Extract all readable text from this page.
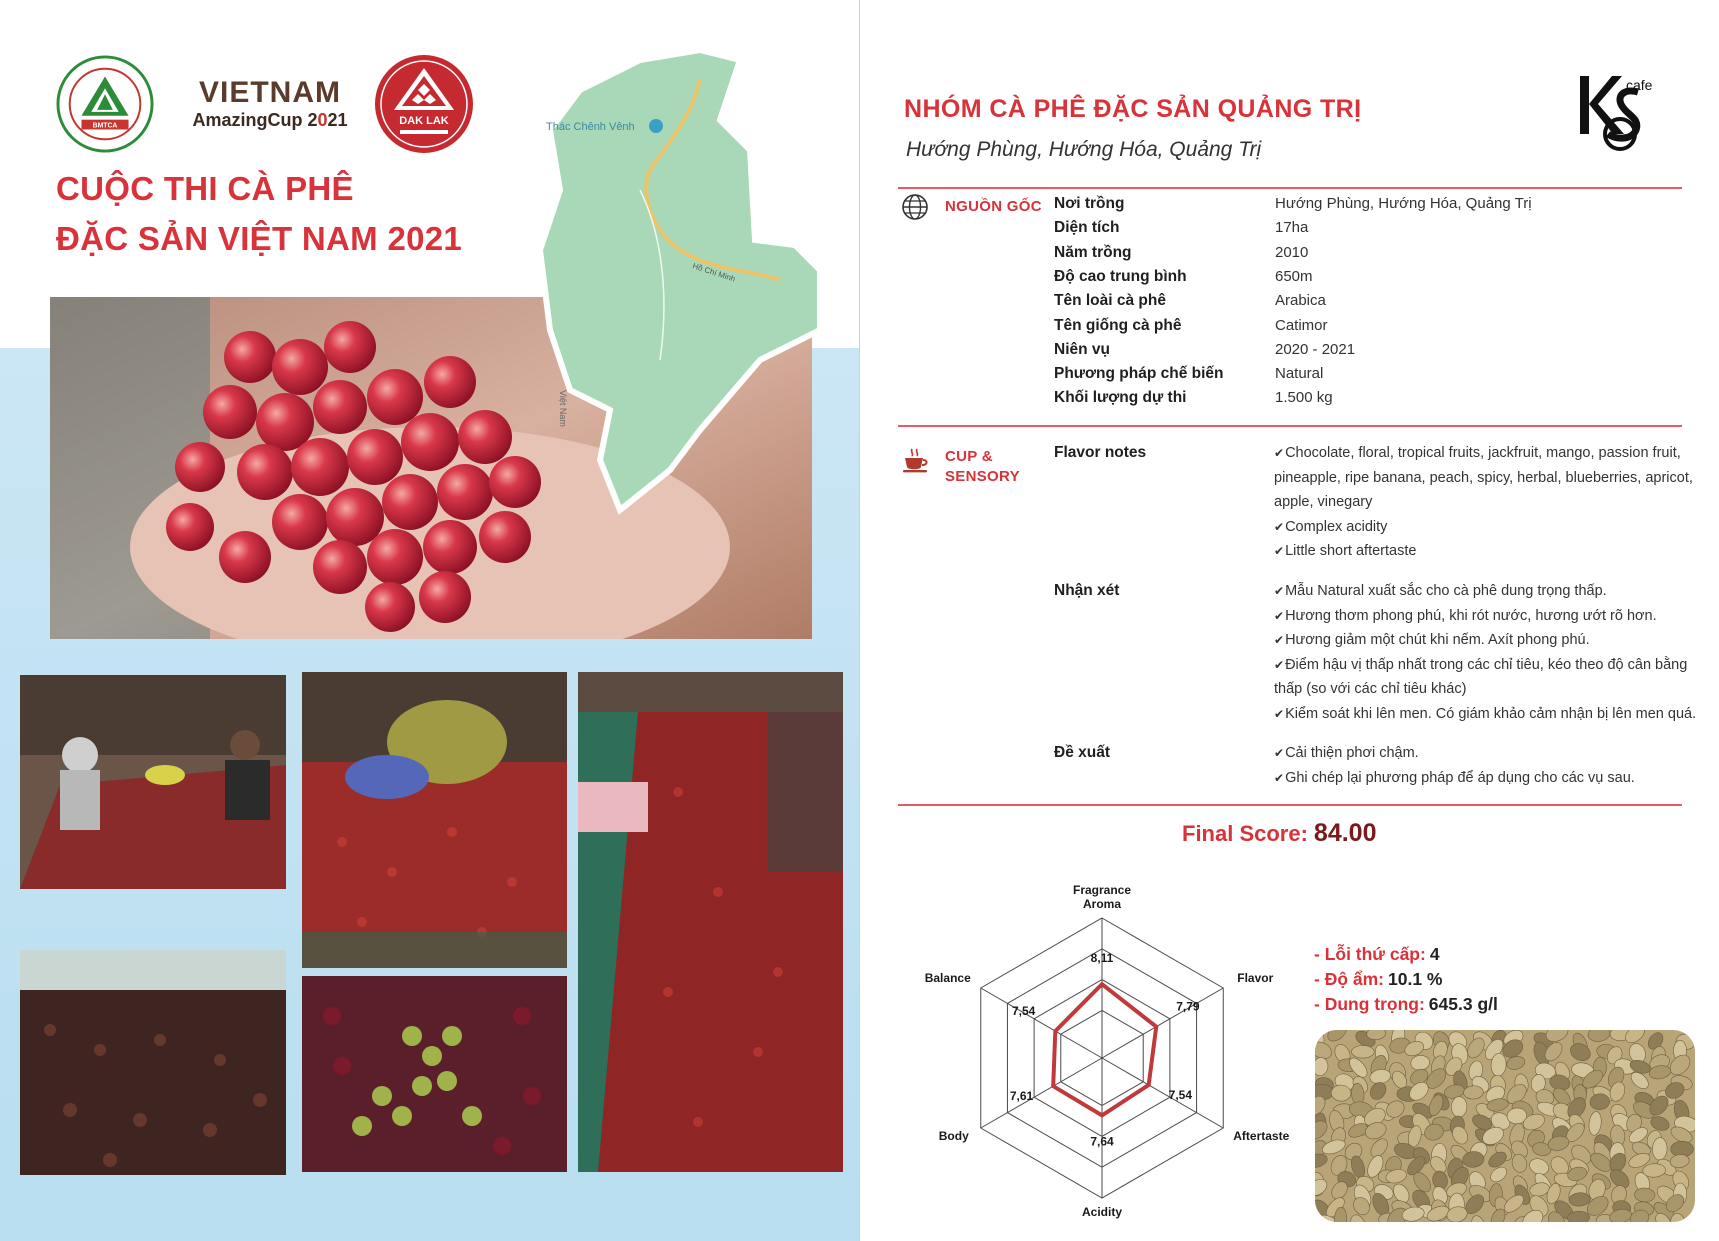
BMTCA
VIETNAM
AmazingCup 2021	DAK LAK
CUỘC THI CÀ PHÊ
ĐẶC SẢN VIỆT NAM 2021
Thác Chênh Vênh
Hồ Chí Minh
Việt Nam
NHÓM CÀ PHÊ ĐẶC SẢN QUẢNG TRỊ
Hướng Phùng, Hướng Hóa, Quảng Trị
cafe
NGUỒN GỐC Nơi trồng	Hướng Phùng, Hướng Hóa, Quảng Trị
Diện tích	17ha
Năm trồng	2010
Độ cao trung bình	650m
Tên loài cà phê	Arabica
Tên giống cà phê	Catimor
Niên vụ	2020 - 2021
Phương pháp chế biến	Natural
Khối lượng dự thi	1.500 kg
CUP &
SENSORY
Flavor notes	✔Chocolate, floral, tropical fruits, jackfruit, mango, passion fruit,
pineapple, ripe banana, peach, spicy, herbal, blueberries, apricot,
apple, vinegary
✔Complex acidity
✔Little short aftertaste
Nhận xét	✔Mẫu Natural xuất sắc cho cà phê dung trọng thấp.
✔Hương thơm phong phú, khi rót nước, hương ướt rõ hơn.
✔Hương giảm một chút khi nếm. Axít phong phú.
✔Điểm hậu vị thấp nhất trong các chỉ tiêu, kéo theo độ cân bằng
thấp (so với các chỉ tiêu khác)
✔Kiểm soát khi lên men. Có giám khảo cảm nhận bị lên men quá.
Đề xuất	✔Cải thiện phơi chậm.
✔Ghi chép lại phương pháp để áp dụng cho các vụ sau.
Final Score: 84.00
Fragrance
Aroma
Flavor
Aftertaste
Acidity
Body
Balance
8,11
7,79
7,54
7,64
7,61
7,54
- Lỗi thứ cấp: 4
- Độ ẩm: 10.1 %
- Dung trọng: 645.3 g/l
